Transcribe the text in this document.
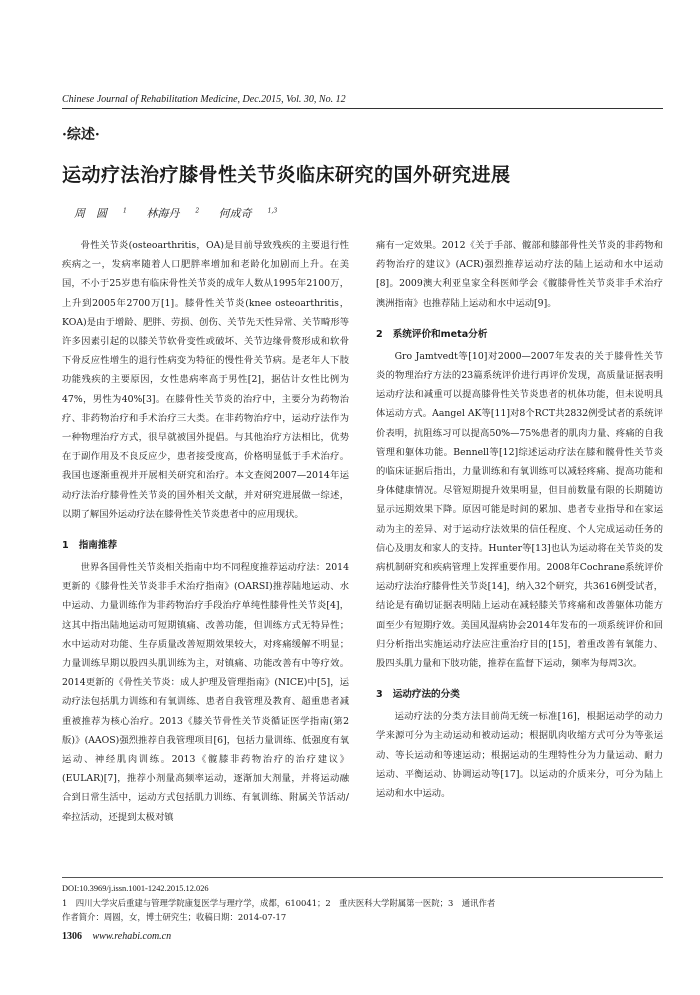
Chinese Journal of Rehabilitation Medicine, Dec.2015, Vol. 30, No. 12
·综述·
运动疗法治疗膝骨性关节炎临床研究的国外研究进展
周　圆	$^1$ 林海丹	$^2$ 何成奇	$^{1,3}$

骨性关节炎(osteoarthritis，OA)是目前导致残疾的主要退行性疾病之一，发病率随着人口肥胖率增加和老龄化加剧而上升。在美国，不小于25岁患有临床骨性关节炎的成年人数从1995年2100万，上升到2005年2700万[1]。膝骨性关节炎(knee osteoarthritis，KOA)是由于增龄、肥胖、劳损、创伤、关节先天性异常、关节畸形等许多因素引起的以膝关节软骨变性或破坏、关节边缘骨赘形成和软骨下骨反应性增生的退行性病变为特征的慢性骨关节病。是老年人下肢功能残疾的主要原因，女性患病率高于男性[2]，据估计女性比例为47%，男性为40%[3]。在膝骨性关节炎的治疗中，主要分为药物治疗、非药物治疗和手术治疗三大类。在非药物治疗中，运动疗法作为一种物理治疗方式，很早就被国外提倡。与其他治疗方法相比，优势在于副作用及不良反应少，患者接受度高，价格明显低于手术治疗。我国也逐渐重视并开展相关研究和治疗。本文查阅2007—2014年运动疗法治疗膝骨性关节炎的国外相关文献，并对研究进展做一综述，以期了解国外运动疗法在膝骨性关节炎患者中的应用现状。

1 指南推荐

世界各国骨性关节炎相关指南中均不同程度推荐运动疗法：2014更新的《膝骨性关节炎非手术治疗指南》(OARSI)推荐陆地运动、水中运动、力量训练作为非药物治疗手段治疗单纯性膝骨性关节炎[4]，这其中指出陆地运动可短期镇痛、改善功能，但训练方式无特异性；水中运动对功能、生存质量改善短期效果较大，对疼痛缓解不明显；力量训练早期以股四头肌训练为主，对镇痛、功能改善有中等疗效。2014更新的《骨性关节炎：成人护理及管理指南》(NICE)中[5]，运动疗法包括肌力训练和有氧训练、患者自我管理及教育、超重患者减重被推荐为核心治疗。2013《膝关节骨性关节炎循证医学指南(第2版)》(AAOS)强烈推荐自我管理项目[6]，包括力量训练、低强度有氧运动、神经肌肉训练。2013《髋膝非药物治疗的治疗建议》(EULAR)[7]，推荐小剂量高频率运动，逐渐加大剂量，并将运动融合到日常生活中，运动方式包括肌力训练、有氧训练、附属关节活动/牵拉活动，还提到太极对镇

痛有一定效果。2012《关于手部、髋部和膝部骨性关节炎的非药物和药物治疗的建议》(ACR)强烈推荐运动疗法的陆上运动和水中运动[8]。2009澳大利亚皇家全科医师学会《髋膝骨性关节炎非手术治疗澳洲指南》也推荐陆上运动和水中运动[9]。

2 系统评价和meta分析

Gro Jamtvedt等[10]对2000—2007年发表的关于膝骨性关节炎的物理治疗方法的23篇系统评价进行再评价发现，高质量证据表明运动疗法和减重可以提高膝骨性关节炎患者的机体功能，但未说明具体运动方式。Aangel AK等[11]对8个RCT共2832例受试者的系统评价表明，抗阻练习可以提高50%—75%患者的肌肉力量、疼痛的自我管理和躯体功能。Bennell等[12]综述运动疗法在膝和髋骨性关节炎的临床证据后指出，力量训练和有氧训练可以减轻疼痛、提高功能和身体健康情况。尽管短期提升效果明显，但目前数量有限的长期随访显示远期效果下降。原因可能是时间的累加、患者专业指导和在家运动为主的差异、对于运动疗法效果的信任程度、个人完成运动任务的信心及朋友和家人的支持。Hunter等[13]也认为运动将在关节炎的发病机制研究和疾病管理上发挥重要作用。2008年Cochrane系统评价运动疗法治疗膝骨性关节炎[14]，纳入32个研究，共3616例受试者，结论是有确切证据表明陆上运动在减轻膝关节疼痛和改善躯体功能方面至少有短期疗效。美国风湿病协会2014年发布的一项系统评价和回归分析指出实施运动疗法应注重治疗目的[15]，着重改善有氧能力、股四头肌力量和下肢功能，推荐在监督下运动，频率为每周3次。

3 运动疗法的分类

运动疗法的分类方法目前尚无统一标准[16]，根据运动学的动力学来源可分为主动运动和被动运动；根据肌肉收缩方式可分为等张运动、等长运动和等速运动；根据运动的生理特性分为力量运动、耐力运动、平衡运动、协调运动等[17]。以运动的介质来分，可分为陆上运动和水中运动。

DOI:10.3969/j.issn.1001-1242.2015.12.026
1　四川大学灾后重建与管理学院康复医学与理疗学，成都，610041；2　重庆医科大学附属第一医院；3　通讯作者
作者简介：周圆，女，博士研究生；收稿日期：2014-07-17
1306 www.rehabi.com.cn
